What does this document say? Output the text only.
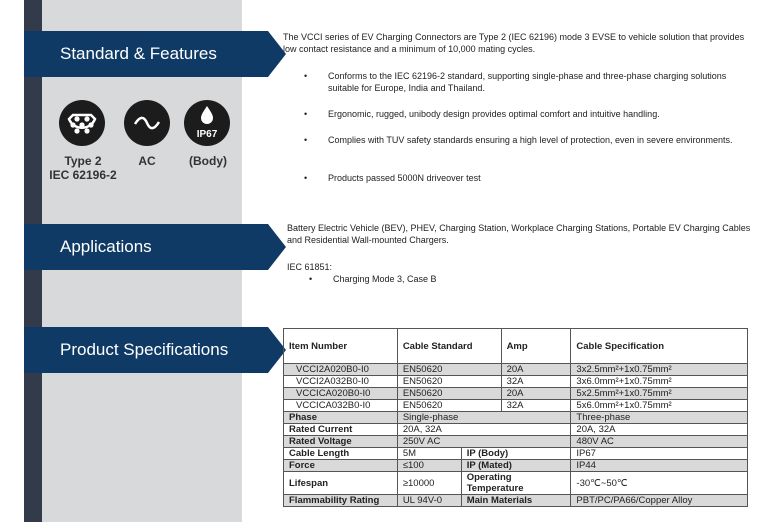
Standard & Features
Applications
Product Specifications
IP67
Type 2
IEC 62196-2
AC	(Body)
The VCCI series of EV Charging Connectors are Type 2 (IEC 62196) mode 3 EVSE to vehicle solution that provides low contact resistance and a minimum of 10,000 mating cycles.
• Conforms to the IEC 62196-2 standard, supporting single-phase and three-phase charging solutions suitable for Europe, India and Thailand.
• Ergonomic, rugged, unibody design provides optimal comfort and intuitive handling.
• Complies with TUV safety standards ensuring a high level of protection, even in severe environments.
• Products passed 5000N driveover test
Battery Electric Vehicle (BEV), PHEV, Charging Station, Workplace Charging Stations, Portable EV Charging Cables and Residential Wall-mounted Chargers.
IEC 61851:
• Charging Mode 3, Case B
Item Number	Cable Standard		Amp	Cable Specification
VCCI2A020B0-I0	EN50620		20A	3x2.5mm²+1x0.75mm²
VCCI2A032B0-I0	EN50620		32A	3x6.0mm²+1x0.75mm²
VCCICA020B0-I0	EN50620		20A	5x2.5mm²+1x0.75mm²
VCCICA032B0-I0	EN50620		32A	5x6.0mm²+1x0.75mm²
Phase	Single-phase			Three-phase
Rated Current	20A, 32A			20A, 32A
Rated Voltage	250V AC			480V AC
Cable Length	5M	IP (Body)		IP67
Force	≤100	IP (Mated)		IP44
Lifespan	≥10000	Operating Temperature		-30℃~50℃
Flammability Rating	UL 94V-0	Main Materials		PBT/PC/PA66/Copper Alloy
